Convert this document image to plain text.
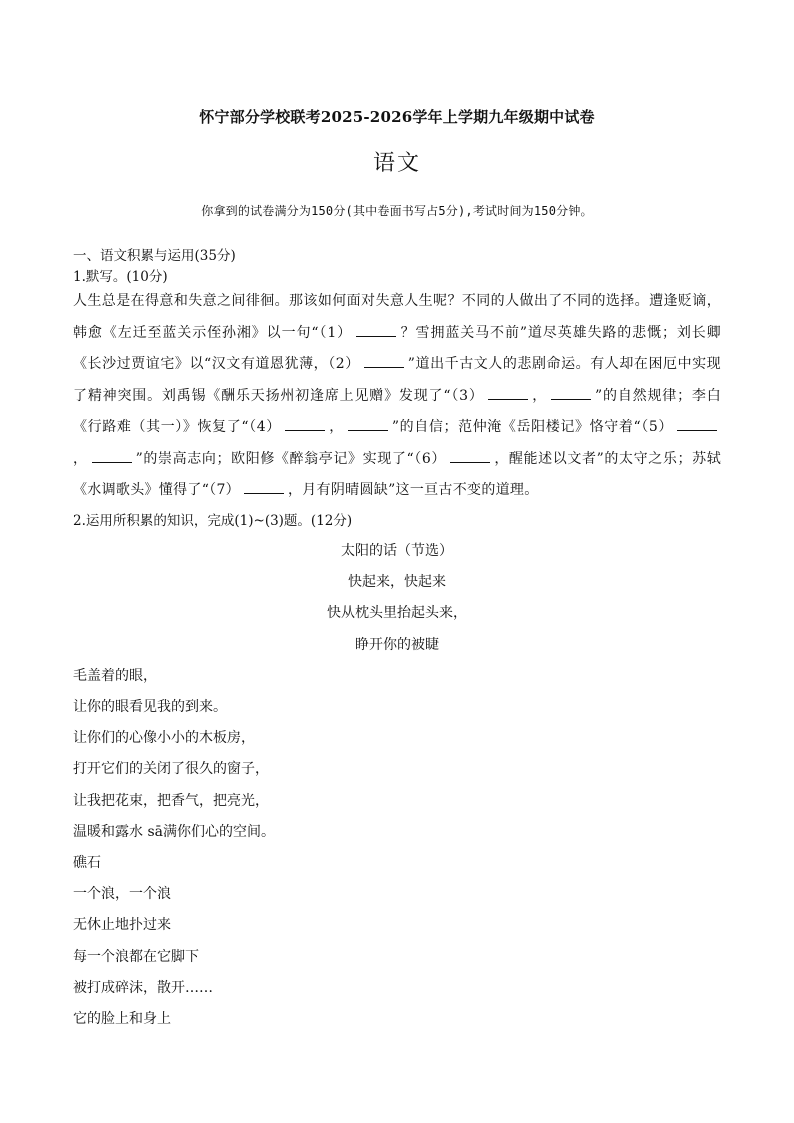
怀宁部分学校联考2025-2026学年上学期九年级期中试卷
语文
你拿到的试卷满分为150分(其中卷面书写占5分),考试时间为150分钟。
一、语文积累与运用(35分)
1.默写。(10分)
人生总是在得意和失意之间徘徊。那该如何面对失意人生呢？不同的人做出了不同的选择。遭逢贬谪，韩愈《左迁至蓝关示侄孙湘》以一句“（1）	？雪拥蓝关马不前”道尽英雄失路的悲慨；刘长卿《长沙过贾谊宅》以“汉文有道恩犹薄，（2）	”道出千古文人的悲剧命运。有人却在困厄中实现了精神突围。刘禹锡《酬乐天扬州初逢席上见赠》发现了“（3）	，	”的自然规律；李白《行路难（其一）》恢复了“（4）	，	”的自信；范仲淹《岳阳楼记》恪守着“（5），	”的崇高志向；欧阳修《醉翁亭记》实现了“（6）	，醒能述以文者”的太守之乐；苏轼《水调歌头》懂得了“（7）	，月有阴晴圆缺”这一亘古不变的道理。
2.运用所积累的知识，完成(1)~(3)题。(12分)
太阳的话（节选）
快起来，快起来
快从枕头里抬起头来，
睁开你的被睫
毛盖着的眼，
让你的眼看见我的到来。
让你们的心像小小的木板房，
打开它们的关闭了很久的窗子，
让我把花束，把香气，把亮光，
温暖和露水 sā满你们心的空间。
礁石
一个浪，一个浪
无休止地扑过来
每一个浪都在它脚下
被打成碎沫，散开……
它的脸上和身上
